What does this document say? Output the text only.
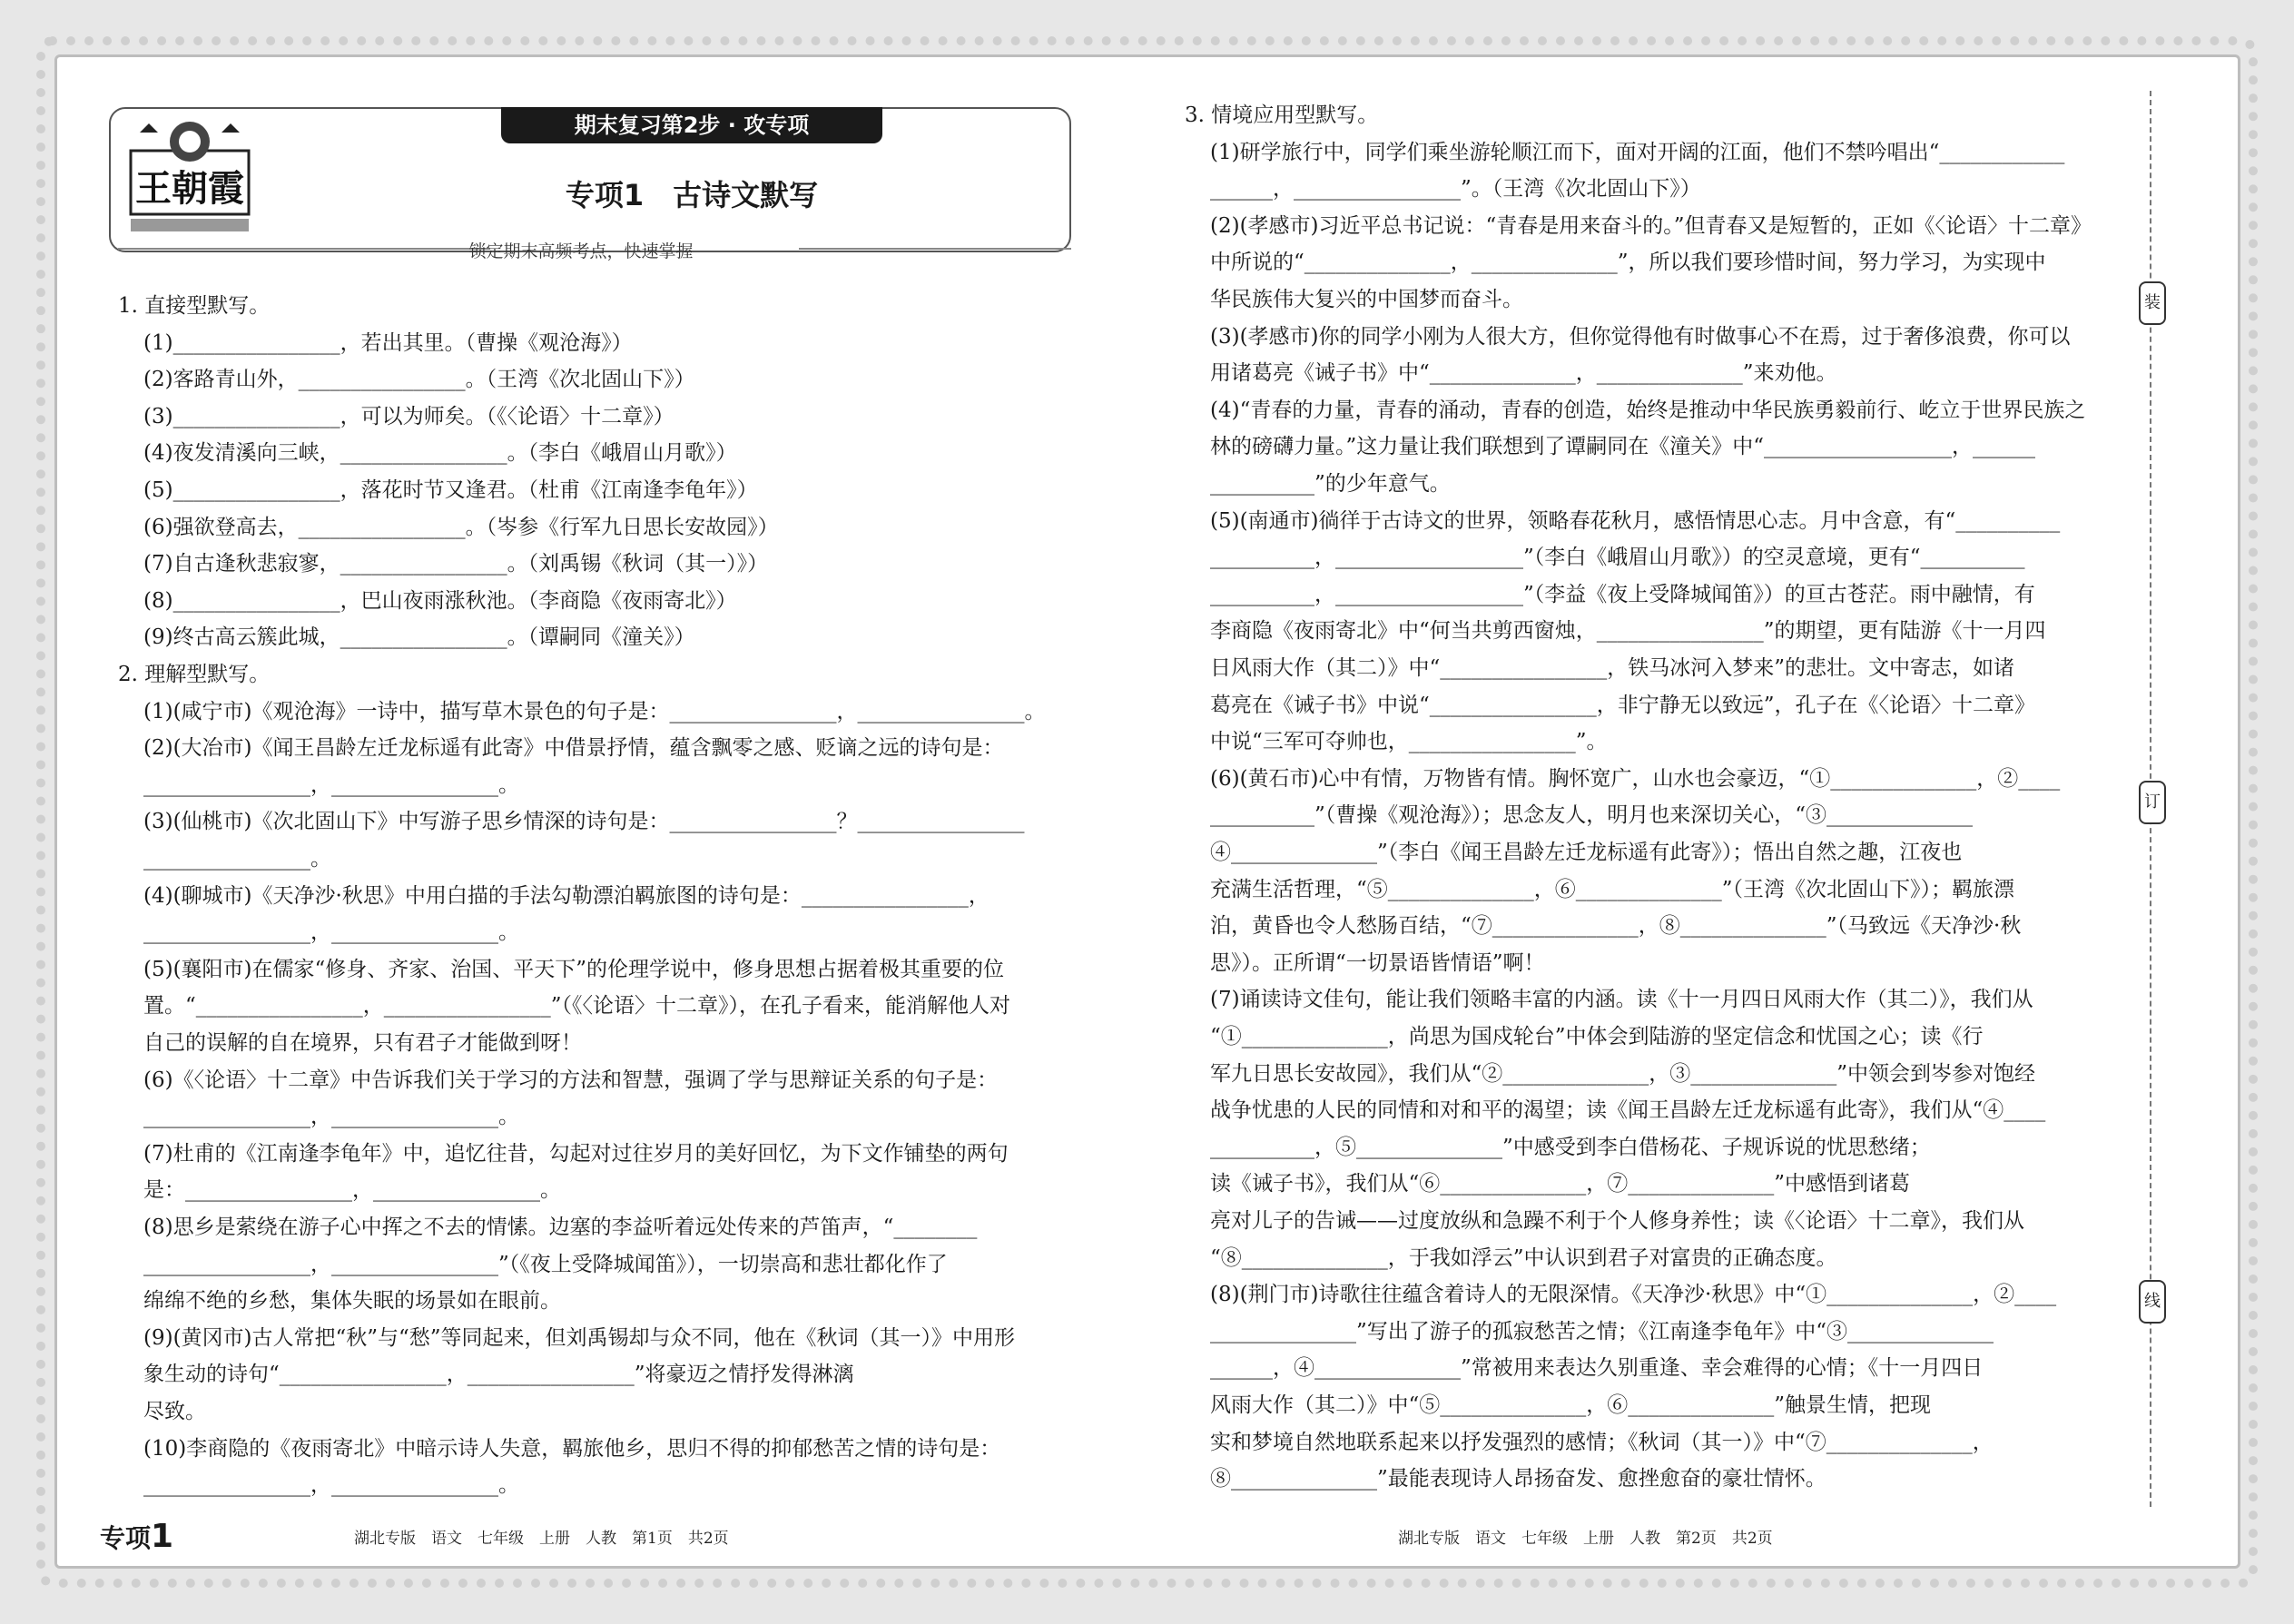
王朝霞
期末复习第2步 · 攻专项
专项1　古诗文默写
锁定期末高频考点，快速掌握
1. 直接型默写。
(1)________________，若出其里。（曹操《观沧海》）
(2)客路青山外，________________。（王湾《次北固山下》）
(3)________________，可以为师矣。（《〈论语〉十二章》）
(4)夜发清溪向三峡，________________。（李白《峨眉山月歌》）
(5)________________，落花时节又逢君。（杜甫《江南逢李龟年》）
(6)强欲登高去，________________。（岑参《行军九日思长安故园》）
(7)自古逢秋悲寂寥，________________。（刘禹锡《秋词（其一）》）
(8)________________，巴山夜雨涨秋池。（李商隐《夜雨寄北》）
(9)终古高云簇此城，________________。（谭嗣同《潼关》）
2. 理解型默写。
(1)(咸宁市)《观沧海》一诗中，描写草木景色的句子是：________________，________________。
(2)(大冶市)《闻王昌龄左迁龙标遥有此寄》中借景抒情，蕴含飘零之感、贬谪之远的诗句是：
________________，________________。
(3)(仙桃市)《次北固山下》中写游子思乡情深的诗句是：________________？________________
________________。
(4)(聊城市)《天净沙·秋思》中用白描的手法勾勒漂泊羁旅图的诗句是：________________，
________________，________________。
(5)(襄阳市)在儒家“修身、齐家、治国、平天下”的伦理学说中，修身思想占据着极其重要的位
置。“________________，________________”（《〈论语〉十二章》），在孔子看来，能消解他人对
自己的误解的自在境界，只有君子才能做到呀！
(6)《〈论语〉十二章》中告诉我们关于学习的方法和智慧，强调了学与思辩证关系的句子是：
________________，________________。
(7)杜甫的《江南逢李龟年》中，追忆往昔，勾起对过往岁月的美好回忆，为下文作铺垫的两句
是：________________，________________。
(8)思乡是萦绕在游子心中挥之不去的情愫。边塞的李益听着远处传来的芦笛声，“________
________________，________________”（《夜上受降城闻笛》），一切崇高和悲壮都化作了
绵绵不绝的乡愁，集体失眠的场景如在眼前。
(9)(黄冈市)古人常把“秋”与“愁”等同起来，但刘禹锡却与众不同，他在《秋词（其一）》中用形
象生动的诗句“________________，________________”将豪迈之情抒发得淋漓
尽致。
(10)李商隐的《夜雨寄北》中暗示诗人失意，羁旅他乡，思归不得的抑郁愁苦之情的诗句是：
________________，________________。
3. 情境应用型默写。
(1)研学旅行中，同学们乘坐游轮顺江而下，面对开阔的江面，他们不禁吟唱出“____________
______，________________”。（王湾《次北固山下》）
(2)(孝感市)习近平总书记说：“青春是用来奋斗的。”但青春又是短暂的，正如《〈论语〉十二章》
中所说的“______________，______________”，所以我们要珍惜时间，努力学习，为实现中
华民族伟大复兴的中国梦而奋斗。
(3)(孝感市)你的同学小刚为人很大方，但你觉得他有时做事心不在焉，过于奢侈浪费，你可以
用诸葛亮《诫子书》中“______________，______________”来劝他。
(4)“青春的力量，青春的涌动，青春的创造，始终是推动中华民族勇毅前行、屹立于世界民族之
林的磅礴力量。”这力量让我们联想到了谭嗣同在《潼关》中“__________________，______
__________”的少年意气。
(5)(南通市)徜徉于古诗文的世界，领略春花秋月，感悟情思心志。月中含意，有“__________
__________，__________________”（李白《峨眉山月歌》）的空灵意境，更有“__________
__________，__________________”（李益《夜上受降城闻笛》）的亘古苍茫。雨中融情，有
李商隐《夜雨寄北》中“何当共剪西窗烛，________________”的期望，更有陆游《十一月四
日风雨大作（其二）》中“________________，铁马冰河入梦来”的悲壮。文中寄志，如诸
葛亮在《诫子书》中说“________________，非宁静无以致远”，孔子在《〈论语〉十二章》
中说“三军可夺帅也，________________”。
(6)(黄石市)心中有情，万物皆有情。胸怀宽广，山水也会豪迈，“①______________，②____
__________”（曹操《观沧海》）；思念友人，明月也来深切关心，“③______________
④______________”（李白《闻王昌龄左迁龙标遥有此寄》）；悟出自然之趣，江夜也
充满生活哲理，“⑤______________，⑥______________”（王湾《次北固山下》）；羁旅漂
泊，黄昏也令人愁肠百结，“⑦______________，⑧______________”（马致远《天净沙·秋
思》）。正所谓“一切景语皆情语”啊！
(7)诵读诗文佳句，能让我们领略丰富的内涵。读《十一月四日风雨大作（其二）》，我们从
“①______________，尚思为国戍轮台”中体会到陆游的坚定信念和忧国之心；读《行
军九日思长安故园》，我们从“②______________，③______________”中领会到岑参对饱经
战争忧患的人民的同情和对和平的渴望；读《闻王昌龄左迁龙标遥有此寄》，我们从“④____
__________，⑤______________”中感受到李白借杨花、子规诉说的忧思愁绪；
读《诫子书》，我们从“⑥______________，⑦______________”中感悟到诸葛
亮对儿子的告诫——过度放纵和急躁不利于个人修身养性；读《〈论语〉十二章》，我们从
“⑧______________，于我如浮云”中认识到君子对富贵的正确态度。
(8)(荆门市)诗歌往往蕴含着诗人的无限深情。《天净沙·秋思》中“①______________，②____
______________”写出了游子的孤寂愁苦之情；《江南逢李龟年》中“③______________
______，④______________”常被用来表达久别重逢、幸会难得的心情；《十一月四日
风雨大作（其二）》中“⑤______________，⑥______________”触景生情，把现
实和梦境自然地联系起来以抒发强烈的感情；《秋词（其一）》中“⑦______________，
⑧______________”最能表现诗人昂扬奋发、愈挫愈奋的豪壮情怀。
装
订
线
专项1	湖北专版　语文　七年级　上册　人教　第1页　共2页	湖北专版　语文　七年级　上册　人教　第2页　共2页
